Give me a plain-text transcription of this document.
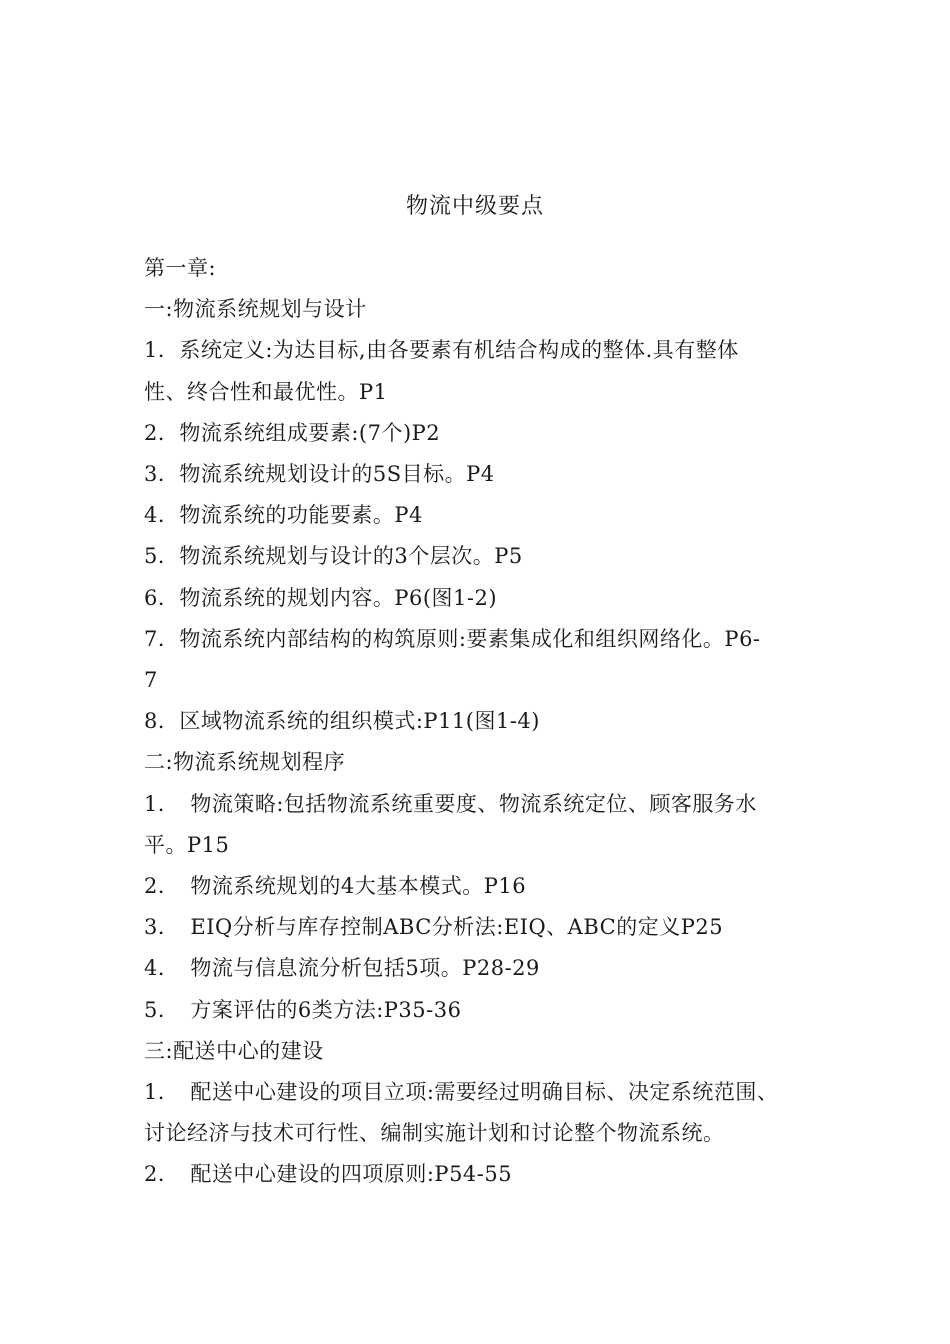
物流中级要点

第一章:

一:物流系统规划与设计

1．系统定义:为达目标,由各要素有机结合构成的整体.具有整体

性、终合性和最优性。P1

2．物流系统组成要素:(7个)P2

3．物流系统规划设计的5S目标。P4

4．物流系统的功能要素。P4

5．物流系统规划与设计的3个层次。P5

6．物流系统的规划内容。P6(图1-2)

7．物流系统内部结构的构筑原则:要素集成化和组织网络化。P6-

7

8．区域物流系统的组织模式:P11(图1-4)

二:物流系统规划程序

1．　物流策略:包括物流系统重要度、物流系统定位、顾客服务水

平。P15

2．　物流系统规划的4大基本模式。P16

3．　EIQ分析与库存控制ABC分析法:EIQ、ABC的定义P25

4．　物流与信息流分析包括5项。P28-29

5．　方案评估的6类方法:P35-36

三:配送中心的建设

1．　配送中心建设的项目立项:需要经过明确目标、决定系统范围、

讨论经济与技术可行性、编制实施计划和讨论整个物流系统。

2．　配送中心建设的四项原则:P54-55
